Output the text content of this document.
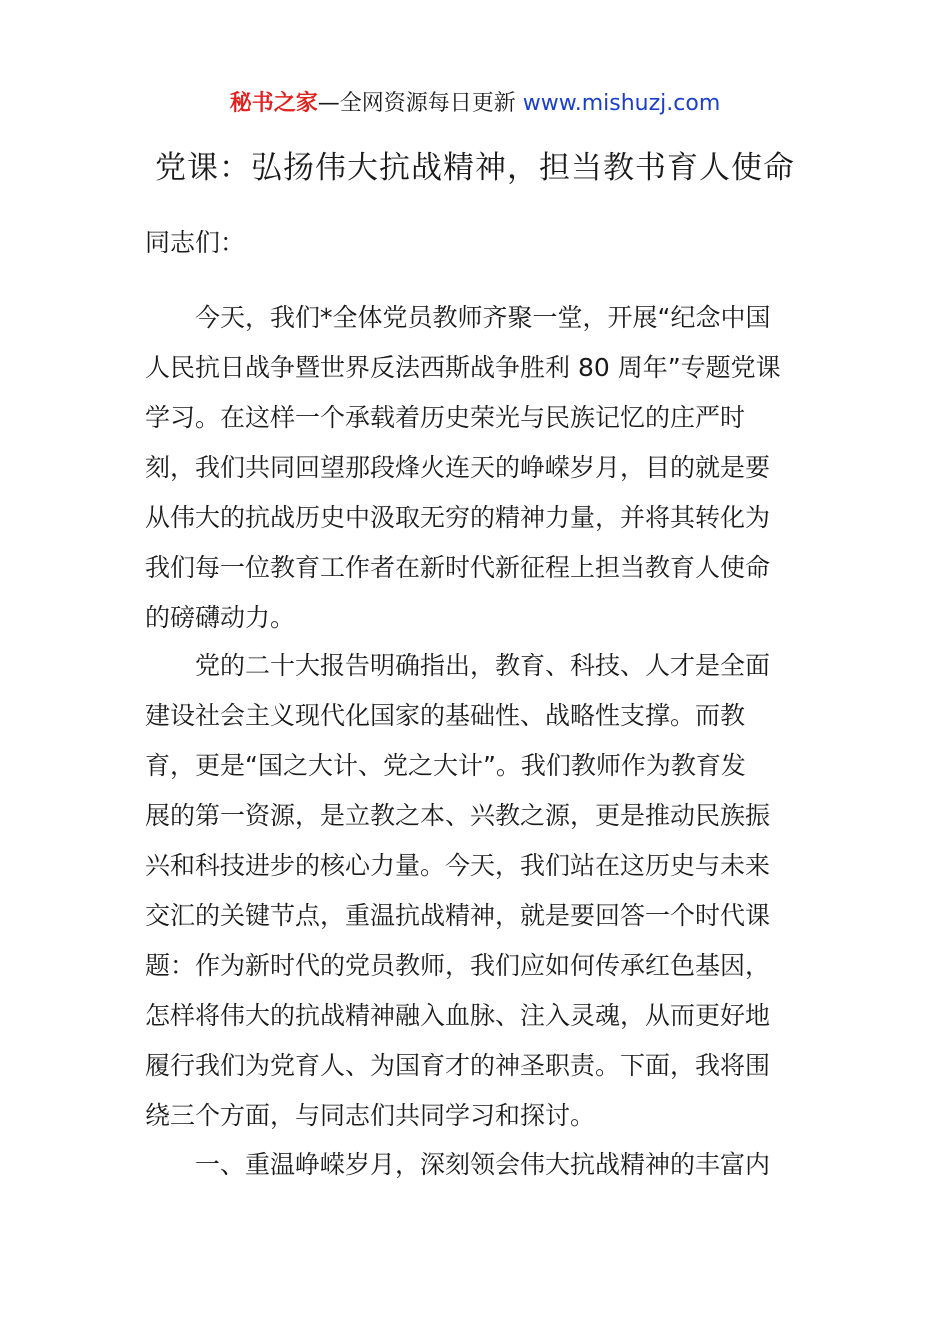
秘书之家—全网资源每日更新 www.mishuzj.com
党课：弘扬伟大抗战精神，担当教书育人使命
同志们：
今天，我们*全体党员教师齐聚一堂，开展“纪念中国
人民抗日战争暨世界反法西斯战争胜利 80 周年”专题党课
学习。在这样一个承载着历史荣光与民族记忆的庄严时
刻，我们共同回望那段烽火连天的峥嵘岁月，目的就是要
从伟大的抗战历史中汲取无穷的精神力量，并将其转化为
我们每一位教育工作者在新时代新征程上担当教育人使命
的磅礴动力。
党的二十大报告明确指出，教育、科技、人才是全面
建设社会主义现代化国家的基础性、战略性支撑。而教
育，更是“国之大计、党之大计”。我们教师作为教育发
展的第一资源，是立教之本、兴教之源，更是推动民族振
兴和科技进步的核心力量。今天，我们站在这历史与未来
交汇的关键节点，重温抗战精神，就是要回答一个时代课
题：作为新时代的党员教师，我们应如何传承红色基因，
怎样将伟大的抗战精神融入血脉、注入灵魂，从而更好地
履行我们为党育人、为国育才的神圣职责。下面，我将围
绕三个方面，与同志们共同学习和探讨。
一、重温峥嵘岁月，深刻领会伟大抗战精神的丰富内
